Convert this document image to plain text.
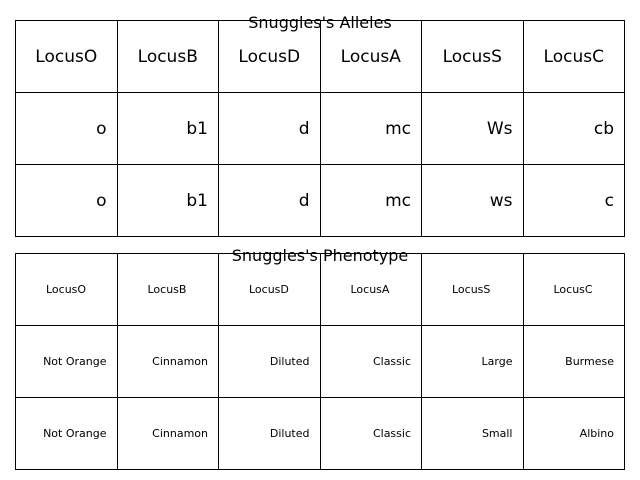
Snuggles's Alleles
LocusO	LocusB	LocusD	LocusA	LocusS	LocusC
o	b1	d	mc	Ws	cb
o	b1	d	mc	ws	c
Snuggles's Phenotype
LocusO	LocusB	LocusD	LocusA	LocusS	LocusC
Not Orange	Cinnamon	Diluted	Classic	Large	Burmese
Not Orange	Cinnamon	Diluted	Classic	Small	Albino
